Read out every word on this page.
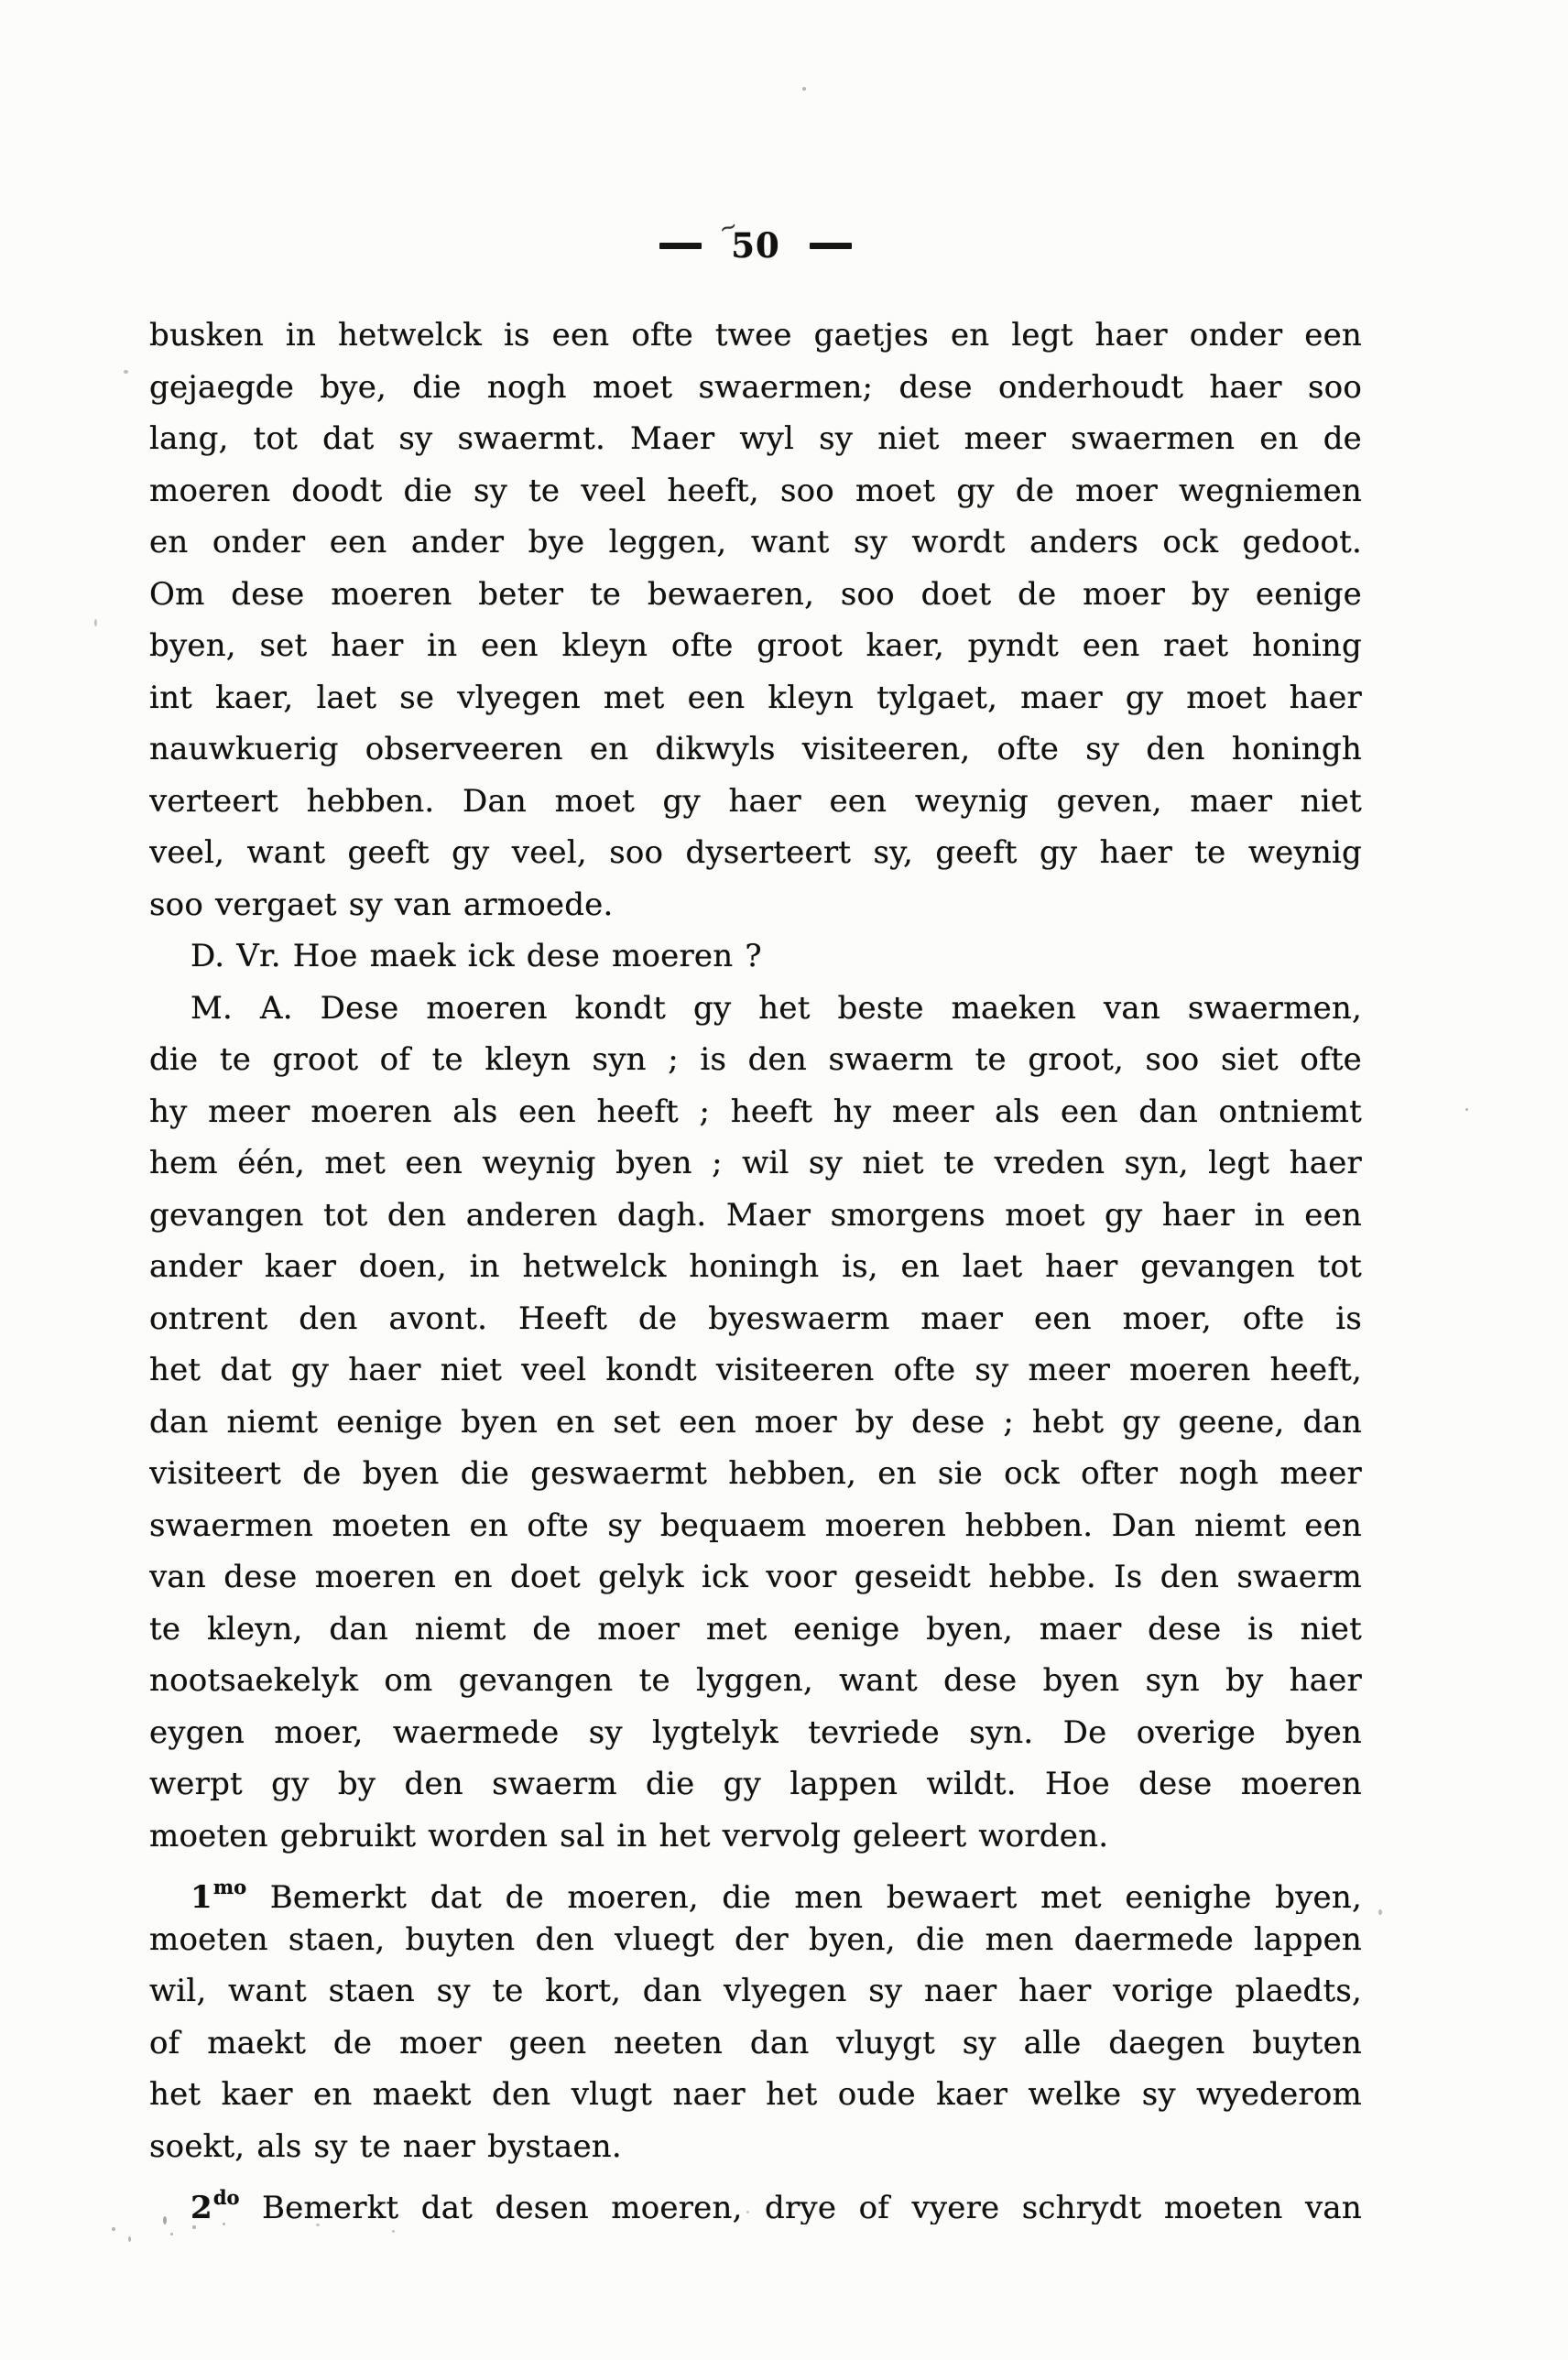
50
~
busken in hetwelck is een ofte twee gaetjes en legt haer onder een
gejaegde bye, die nogh moet swaermen; dese onderhoudt haer soo
lang, tot dat sy swaermt. Maer wyl sy niet meer swaermen en de
moeren doodt die sy te veel heeft, soo moet gy de moer wegniemen
en onder een ander bye leggen, want sy wordt anders ock gedoot.
Om dese moeren beter te bewaeren, soo doet de moer by eenige
byen, set haer in een kleyn ofte groot kaer, pyndt een raet honing
int kaer, laet se vlyegen met een kleyn tylgaet, maer gy moet haer
nauwkuerig observeeren en dikwyls visiteeren, ofte sy den honingh
verteert hebben. Dan moet gy haer een weynig geven, maer niet
veel, want geeft gy veel, soo dyserteert sy, geeft gy haer te weynig
soo vergaet sy van armoede.
D. Vr. Hoe maek ick dese moeren ?
M. A. Dese moeren kondt gy het beste maeken van swaermen,
die te groot of te kleyn syn ; is den swaerm te groot, soo siet ofte
hy meer moeren als een heeft ; heeft hy meer als een dan ontniemt
hem één, met een weynig byen ; wil sy niet te vreden syn, legt haer
gevangen tot den anderen dagh. Maer smorgens moet gy haer in een
ander kaer doen, in hetwelck honingh is, en laet haer gevangen tot
ontrent den avont. Heeft de byeswaerm maer een moer, ofte is
het dat gy haer niet veel kondt visiteeren ofte sy meer moeren heeft,
dan niemt eenige byen en set een moer by dese ; hebt gy geene, dan
visiteert de byen die geswaermt hebben, en sie ock ofter nogh meer
swaermen moeten en ofte sy bequaem moeren hebben. Dan niemt een
van dese moeren en doet gelyk ick voor geseidt hebbe. Is den swaerm
te kleyn, dan niemt de moer met eenige byen, maer dese is niet
nootsaekelyk om gevangen te lyggen, want dese byen syn by haer
eygen moer, waermede sy lygtelyk tevriede syn. De overige byen
werpt gy by den swaerm die gy lappen wildt. Hoe dese moeren
moeten gebruikt worden sal in het vervolg geleert worden.
$1^{mo}$ Bemerkt dat de moeren, die men bewaert met eenighe byen,
moeten staen, buyten den vluegt der byen, die men daermede lappen
wil, want staen sy te kort, dan vlyegen sy naer haer vorige plaedts,
of maekt de moer geen neeten dan vluygt sy alle daegen buyten
het kaer en maekt den vlugt naer het oude kaer welke sy wyederom
soekt, als sy te naer bystaen.
$2^{do}$ Bemerkt dat desen moeren, drye of vyere schrydt moeten van
